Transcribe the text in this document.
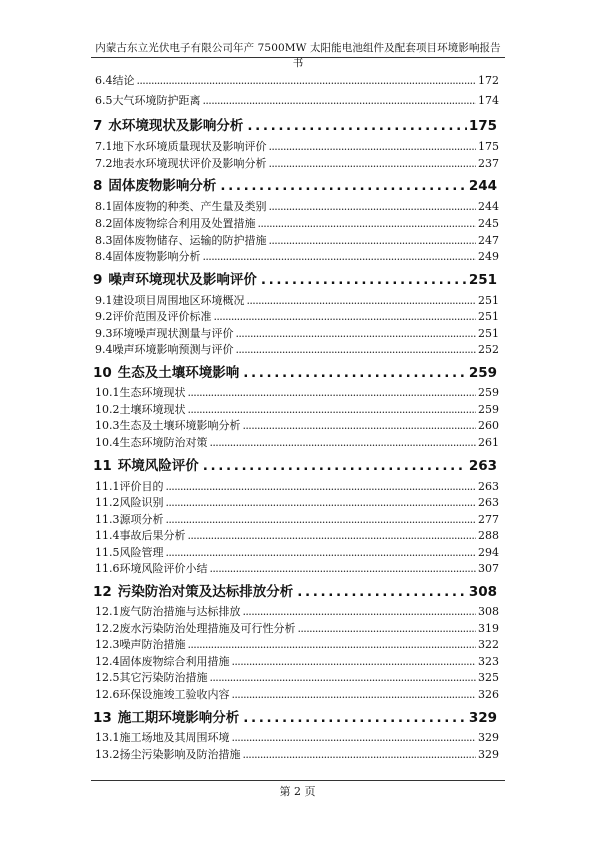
内蒙古东立光伏电子有限公司年产 7500MW 太阳能电池组件及配套项目环境影响报告书
6.4 结论 .....	172
6.5 大气环境防护距离 .....	174
7 水环境现状及影响分析 .....	175
7.1 地下水环境质量现状及影响评价 .....	175
7.2 地表水环境现状评价及影响分析 .....	237
8 固体废物影响分析 .....	244
8.1 固体废物的种类、产生量及类别 .....	244
8.2 固体废物综合利用及处置措施 .....	245
8.3 固体废物储存、运输的防护措施 .....	247
8.4 固体废物影响分析 .....	249
9 噪声环境现状及影响评价 .....	251
9.1 建设项目周围地区环境概况 .....	251
9.2 评价范围及评价标准 .....	251
9.3 环境噪声现状测量与评价 .....	251
9.4 噪声环境影响预测与评价 .....	252
10 生态及土壤环境影响 .....	259
10.1 生态环境现状 .....	259
10.2 土壤环境现状 .....	259
10.3 生态及土壤环境影响分析 .....	260
10.4 生态环境防治对策 .....	261
11 环境风险评价 .....	263
11.1 评价目的 .....	263
11.2 风险识别 .....	263
11.3 源项分析 .....	277
11.4 事故后果分析 .....	288
11.5 风险管理 .....	294
11.6 环境风险评价小结 .....	307
12 污染防治对策及达标排放分析 .....	308
12.1 废气防治措施与达标排放 .....	308
12.2 废水污染防治处理措施及可行性分析 .....	319
12.3 噪声防治措施 .....	322
12.4 固体废物综合利用措施 .....	323
12.5 其它污染防治措施 .....	325
12.6 环保设施竣工验收内容 .....	326
13 施工期环境影响分析 .....	329
13.1 施工场地及其周围环境 .....	329
13.2 扬尘污染影响及防治措施 .....	329
第 2 页
